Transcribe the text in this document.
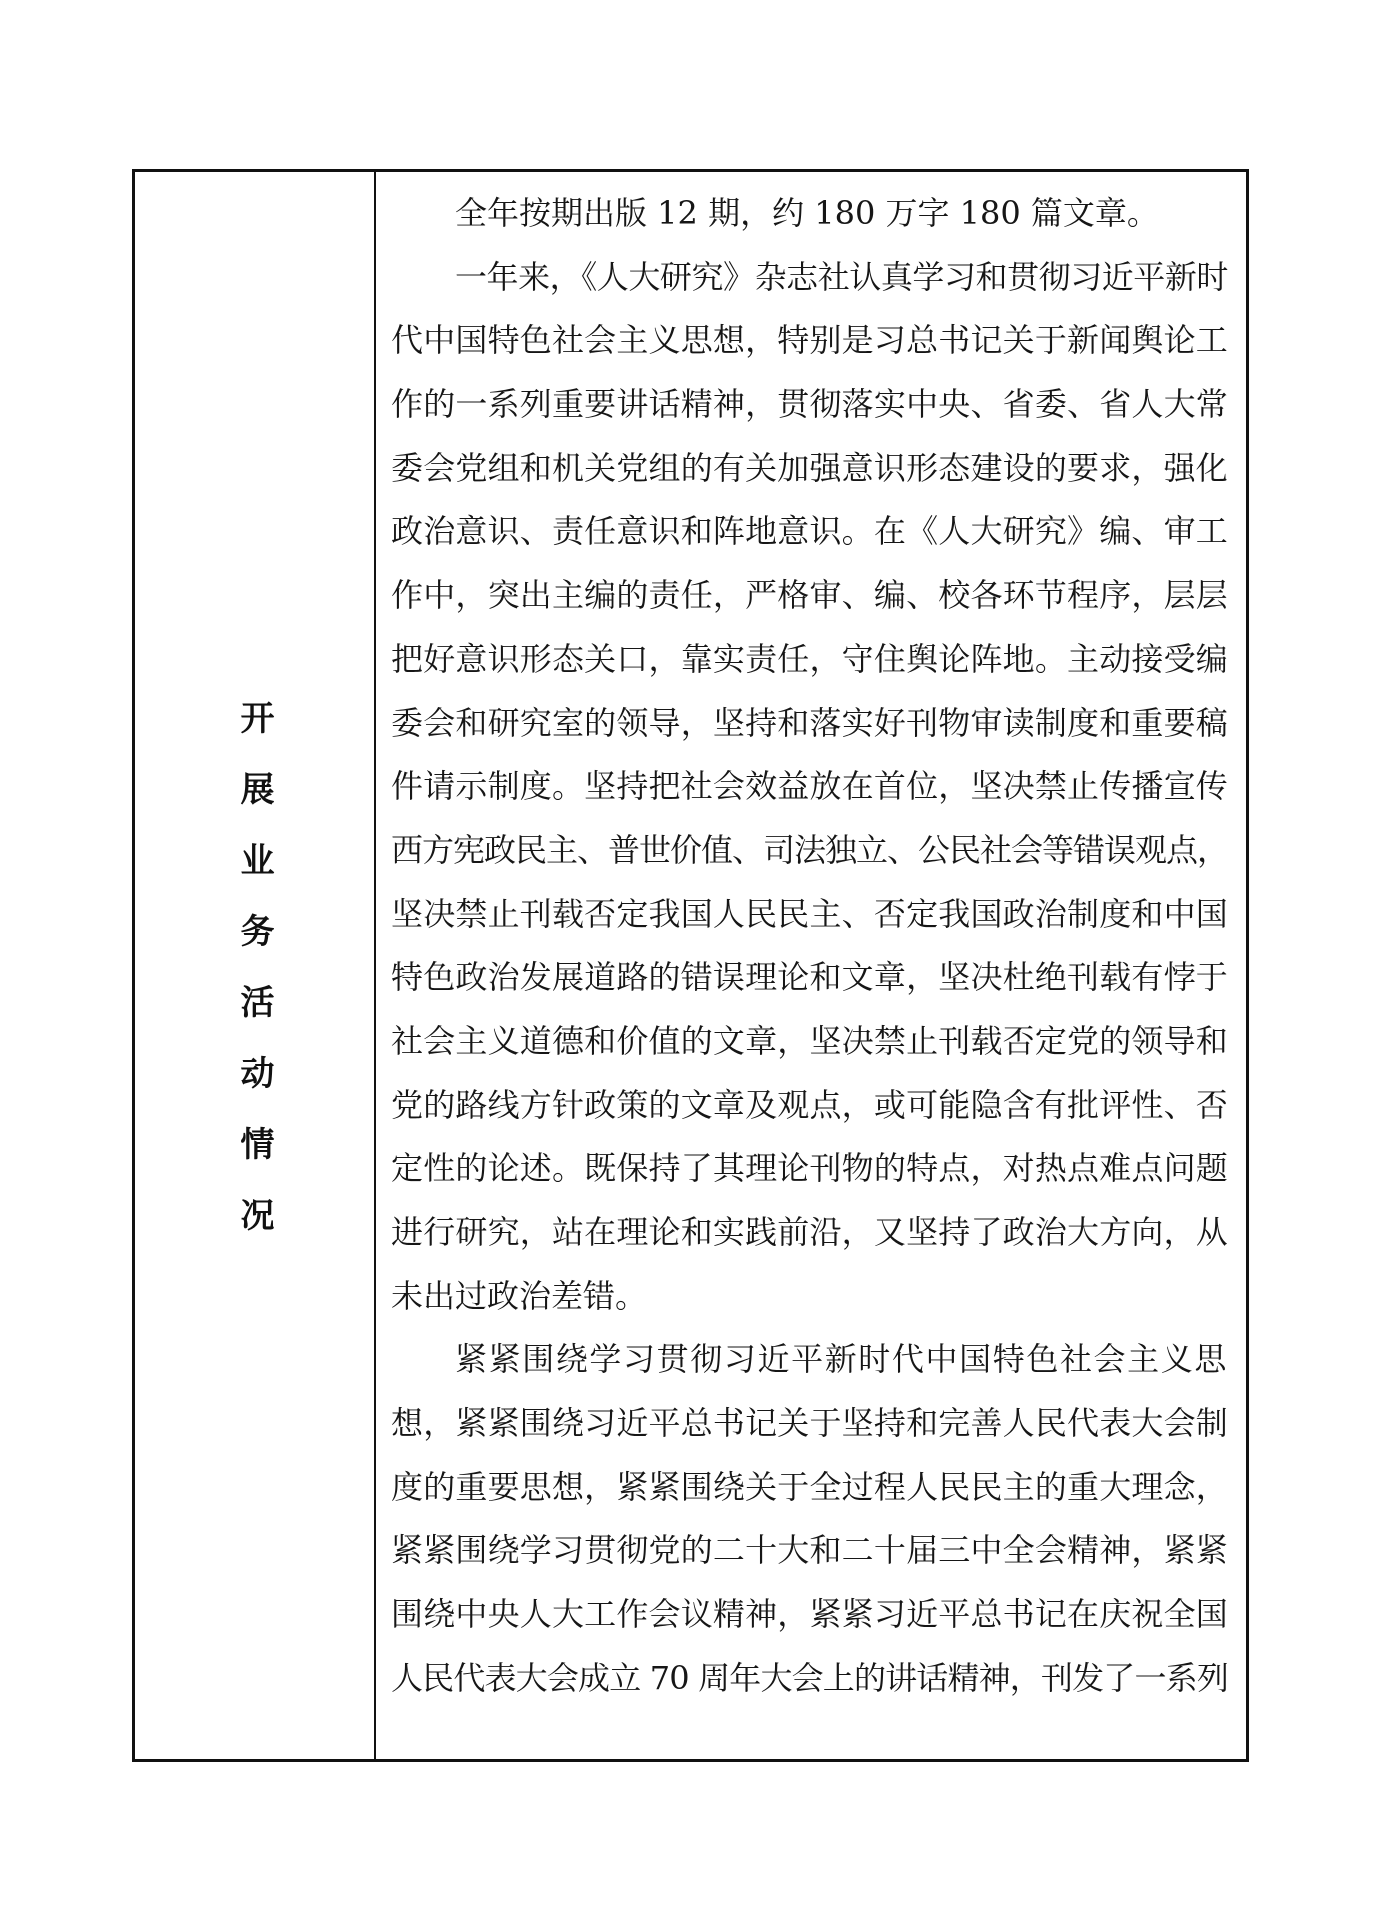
开展业务活动情况
全年按期出版 12 期，约 180 万字 180 篇文章。
一年来，《人大研究》杂志社认真学习和贯彻习近平新时
代中国特色社会主义思想，特别是习总书记关于新闻舆论工
作的一系列重要讲话精神，贯彻落实中央、省委、省人大常
委会党组和机关党组的有关加强意识形态建设的要求，强化
政治意识、责任意识和阵地意识。在《人大研究》编、审工
作中，突出主编的责任，严格审、编、校各环节程序，层层
把好意识形态关口，靠实责任，守住舆论阵地。主动接受编
委会和研究室的领导，坚持和落实好刊物审读制度和重要稿
件请示制度。坚持把社会效益放在首位，坚决禁止传播宣传
西方宪政民主、普世价值、司法独立、公民社会等错误观点，
坚决禁止刊载否定我国人民民主、否定我国政治制度和中国
特色政治发展道路的错误理论和文章，坚决杜绝刊载有悖于
社会主义道德和价值的文章，坚决禁止刊载否定党的领导和
党的路线方针政策的文章及观点，或可能隐含有批评性、否
定性的论述。既保持了其理论刊物的特点，对热点难点问题
进行研究，站在理论和实践前沿，又坚持了政治大方向，从
未出过政治差错。
紧紧围绕学习贯彻习近平新时代中国特色社会主义思
想，紧紧围绕习近平总书记关于坚持和完善人民代表大会制
度的重要思想，紧紧围绕关于全过程人民民主的重大理念，
紧紧围绕学习贯彻党的二十大和二十届三中全会精神，紧紧
围绕中央人大工作会议精神，紧紧习近平总书记在庆祝全国
人民代表大会成立 70 周年大会上的讲话精神，刊发了一系列
